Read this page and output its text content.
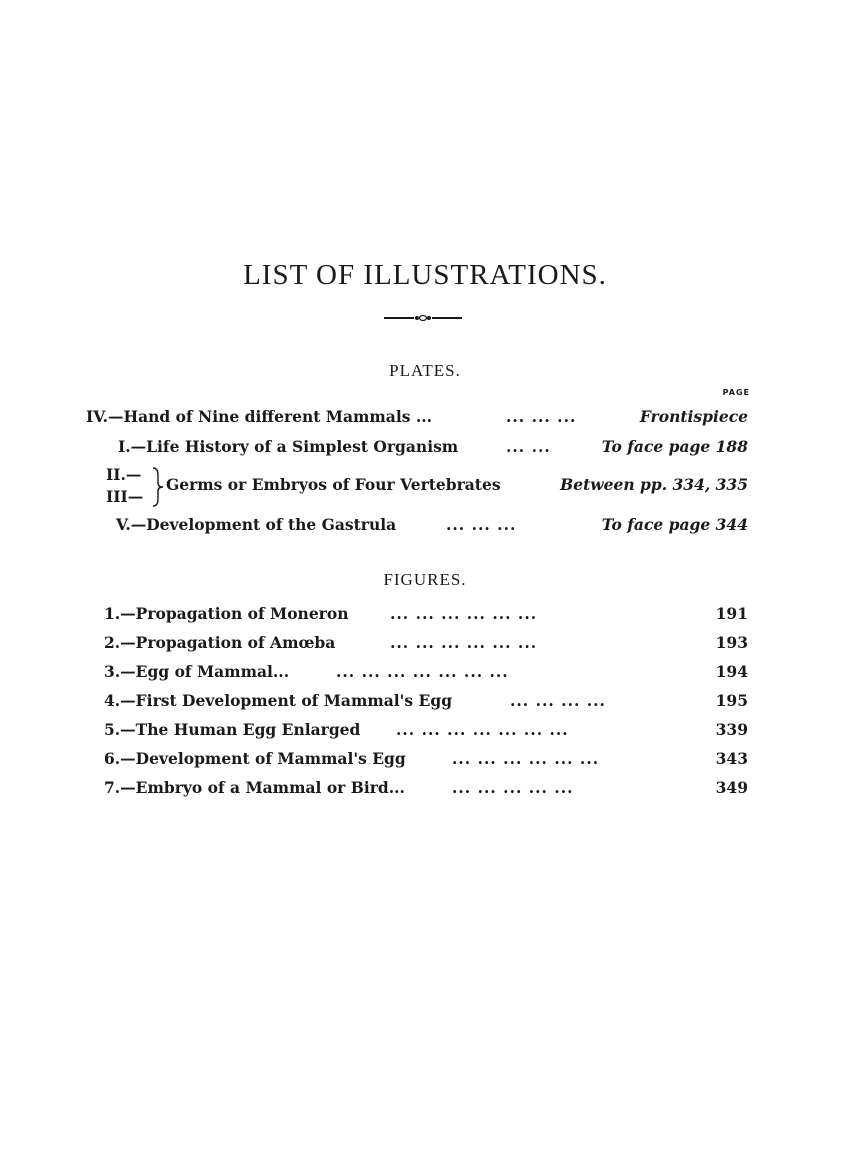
LIST OF ILLUSTRATIONS.
PLATES.
PAGE
IV.—Hand of Nine different Mammals ...	... ... ...	Frontispiece
I.—Life History of a Simplest Organism	... ...	To face page 188
II.—
III—
Germs or Embryos of Four Vertebrates	Between pp. 334, 335
V.—Development of the Gastrula	... ... ...	To face page 344
FIGURES.
1.—Propagation of Moneron	... ... ... ... ... ...	191
2.—Propagation of Amœba	... ... ... ... ... ...	193
3.—Egg of Mammal...	... ... ... ... ... ... ...	194
4.—First Development of Mammal's Egg	... ... ... ...	195
5.—The Human Egg Enlarged ... ... ... ... ... ... ...	339
6.—Development of Mammal's Egg	... ... ... ... ... ...	343
7.—Embryo of a Mammal or Bird...	... ... ... ... ...	349
